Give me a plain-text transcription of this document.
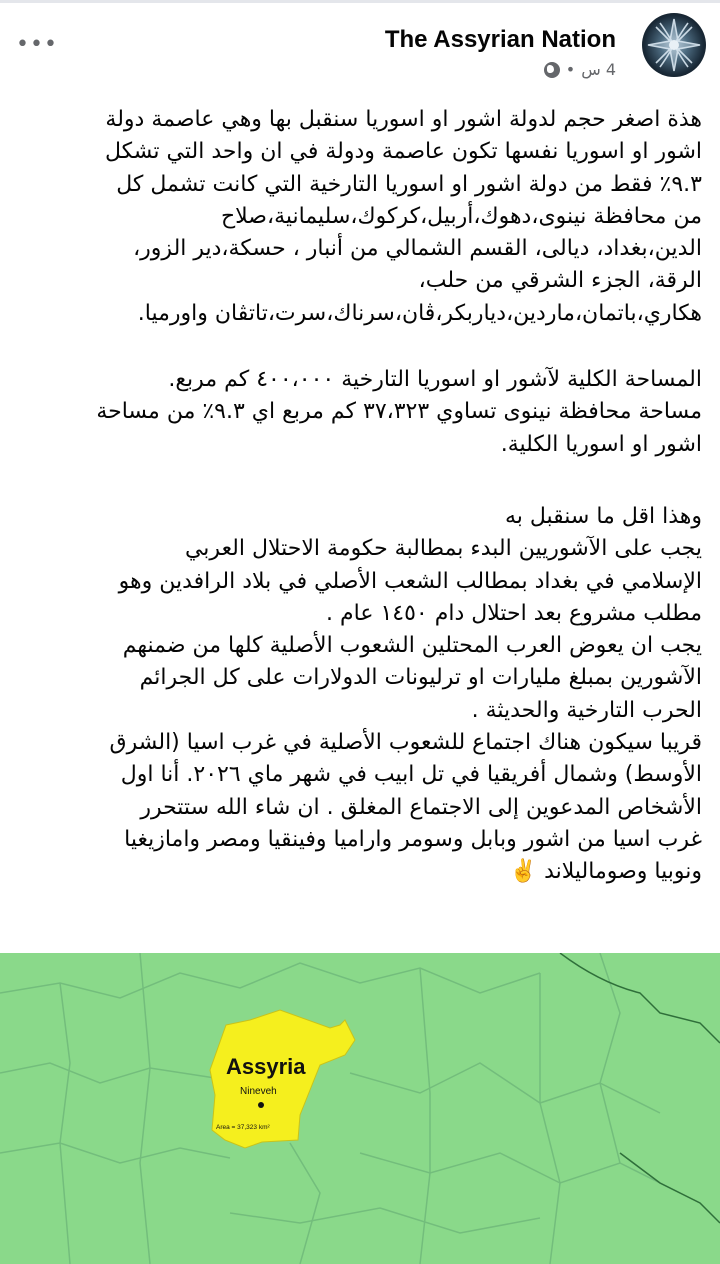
The Assyrian Nation
4 س
•
•••
هذة اصغر حجم لدولة اشور او اسوريا سنقبل بها وهي عاصمة دولة
اشور او اسوريا نفسها تكون عاصمة ودولة في ان واحد التي تشكل
٩.٣٪ فقط من دولة اشور او اسوريا التارخية التي كانت تشمل كل
من محافظة نينوى،دهوك،أربيل،كركوك،سليمانية،صلاح
الدين،بغداد، ديالى، القسم الشمالي من أنبار ، حسكة،دير الزور،
الرقة، الجزء الشرقي من حلب،
هكاري،باتمان،ماردين،دياربكر،ڤان،سرناك،سرت،تاتڤان واورميا.
المساحة الكلية لآشور او اسوريا التارخية ٤٠٠،٠٠٠ كم مربع.
مساحة محافظة نينوى تساوي ٣٧،٣٢٣ كم مربع اي ٩.٣٪ من مساحة
اشور او اسوريا الكلية.
وهذا اقل ما سنقبل به
يجب على الآشوريين البدء بمطالبة حكومة الاحتلال العربي
الإسلامي في بغداد بمطالب الشعب الأصلي في بلاد الرافدين وهو
مطلب مشروع بعد احتلال دام ١٤٥٠ عام .
يجب ان يعوض العرب المحتلين الشعوب الأصلية كلها من ضمنهم
الآشورين بمبلغ مليارات او ترليونات الدولارات على كل الجرائم
الحرب التارخية والحديثة .
قريبا سيكون هناك اجتماع للشعوب الأصلية في غرب اسيا (الشرق
الأوسط) وشمال أفريقيا في تل ابيب في شهر ماي ٢٠٢٦. أنا اول
الأشخاص المدعوين إلى الاجتماع المغلق . ان شاء الله ستتحرر
غرب اسيا من اشور وبابل وسومر واراميا وفينقيا ومصر وامازيغيا
ونوبيا وصوماليلاند ✌️
Assyria
Nineveh
Area = 37,323 km²
